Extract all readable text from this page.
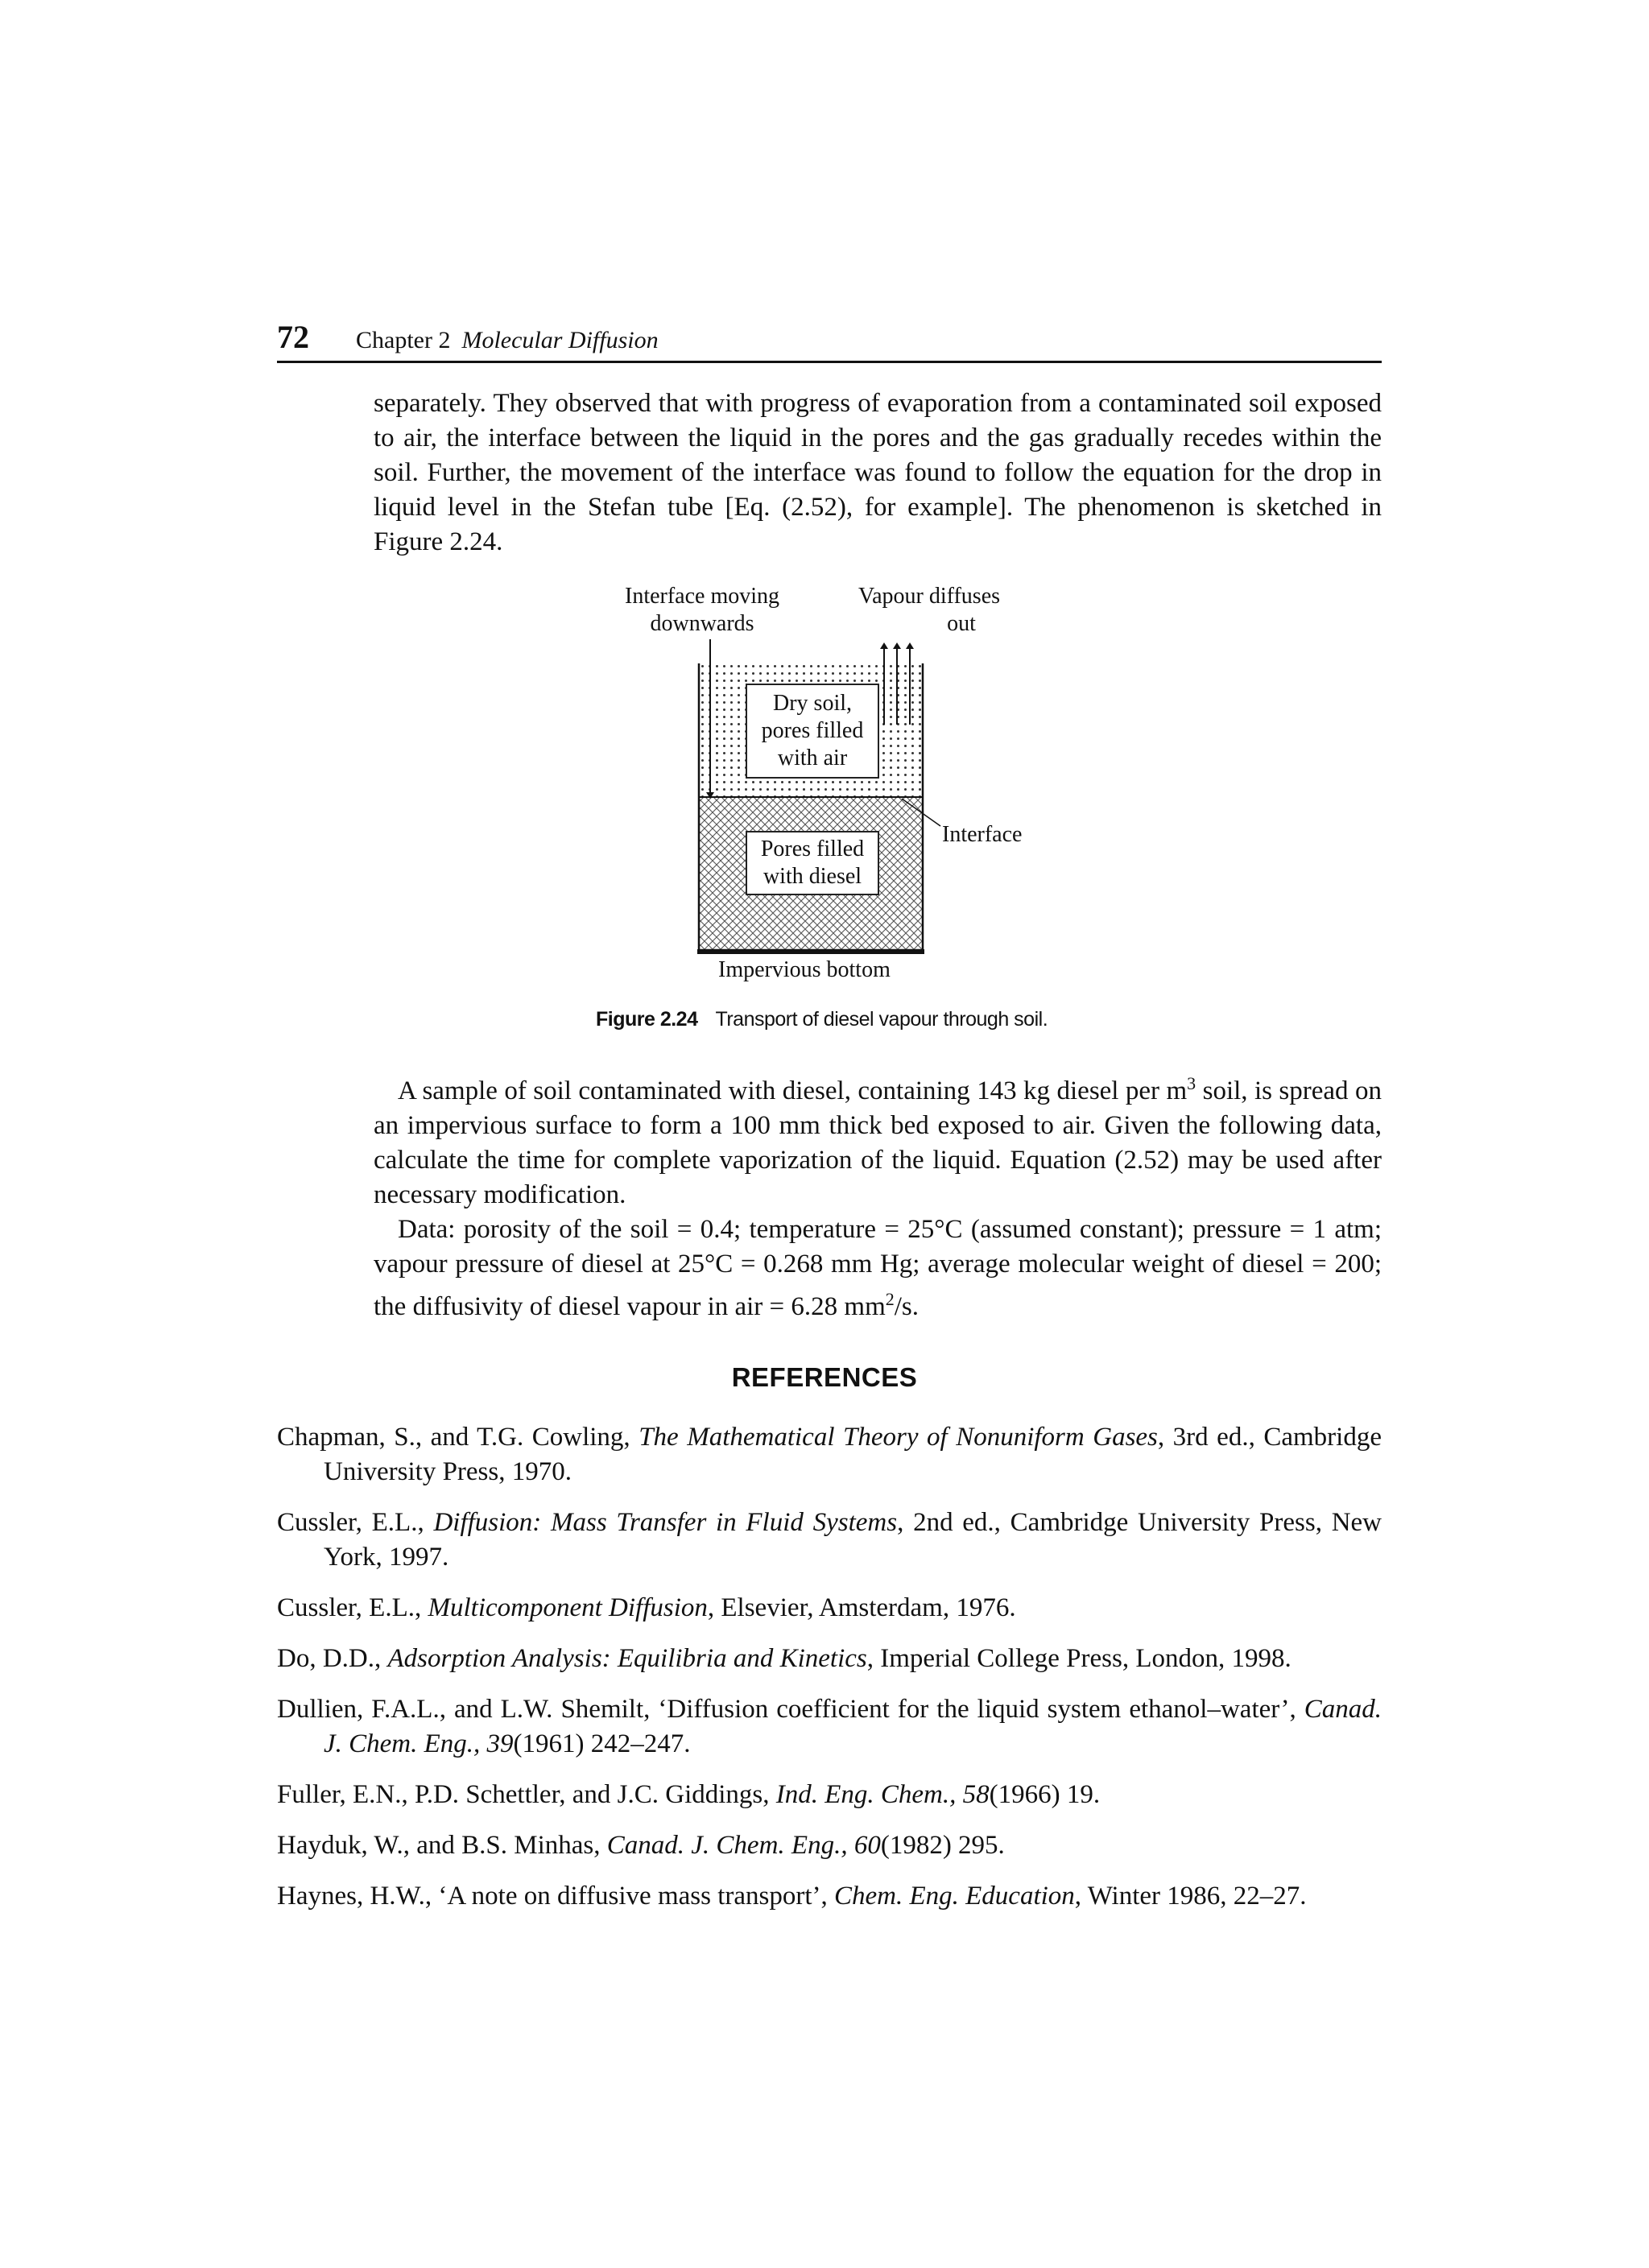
72 Chapter 2 Molecular Diffusion

separately. They observed that with progress of evaporation from a contaminated soil exposed to air, the interface between the liquid in the pores and the gas gradually recedes within the soil. Further, the movement of the interface was found to follow the equation for the drop in liquid level in the Stefan tube [Eq. (2.52), for example]. The phenomenon is sketched in Figure 2.24.

Interface moving
downwards
Vapour diffuses
out
Dry soil,
pores filled
with air
Pores filled
with diesel
Interface
Impervious bottom
Figure 2.24 Transport of diesel vapour through soil.

A sample of soil contaminated with diesel, containing 143 kg diesel per $m^3$ soil, is spread on an impervious surface to form a 100 mm thick bed exposed to air. Given the following data, calculate the time for complete vaporization of the liquid. Equation (2.52) may be used after necessary modification.

Data: porosity of the soil = 0.4; temperature = 25°C (assumed constant); pressure = 1 atm; vapour pressure of diesel at 25°C = 0.268 mm Hg; average molecular weight of diesel = 200; the diffusivity of diesel vapour in air = 6.28 $mm^2/s$.

REFERENCES

Chapman, S., and T.G. Cowling, The Mathematical Theory of Nonuniform Gases, 3rd ed., Cambridge University Press, 1970.

Cussler, E.L., Diffusion: Mass Transfer in Fluid Systems, 2nd ed., Cambridge University Press, New York, 1997.

Cussler, E.L., Multicomponent Diffusion, Elsevier, Amsterdam, 1976.

Do, D.D., Adsorption Analysis: Equilibria and Kinetics, Imperial College Press, London, 1998.

Dullien, F.A.L., and L.W. Shemilt, ‘Diffusion coefficient for the liquid system ethanol–water’, Canad. J. Chem. Eng., 39(1961) 242–247.

Fuller, E.N., P.D. Schettler, and J.C. Giddings, Ind. Eng. Chem., 58(1966) 19.

Hayduk, W., and B.S. Minhas, Canad. J. Chem. Eng., 60(1982) 295.

Haynes, H.W., ‘A note on diffusive mass transport’, Chem. Eng. Education, Winter 1986, 22–27.
